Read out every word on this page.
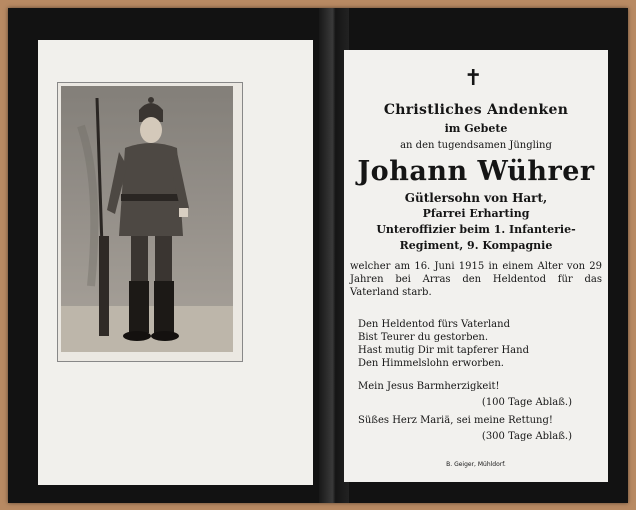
✝
Christliches Andenken
im Gebete
an den tugendsamen Jüngling
Johann Wührer
Gütlersohn von Hart,
Pfarrei Erharting
Unteroffizier beim 1. Infanterie-
Regiment, 9. Kompagnie
welcher am 16. Juni 1915 in einem Alter von 29 Jahren bei Arras den Heldentod für das Vaterland starb.
Den Heldentod fürs Vaterland
Bist Teurer du gestorben.
Hast mutig Dir mit tapferer Hand
Den Himmelslohn erworben.
Mein Jesus Barmherzigkeit!
(100 Tage Ablaß.)
Süßes Herz Mariä, sei meine Rettung!
(300 Tage Ablaß.)
B. Geiger, Mühldorf.
